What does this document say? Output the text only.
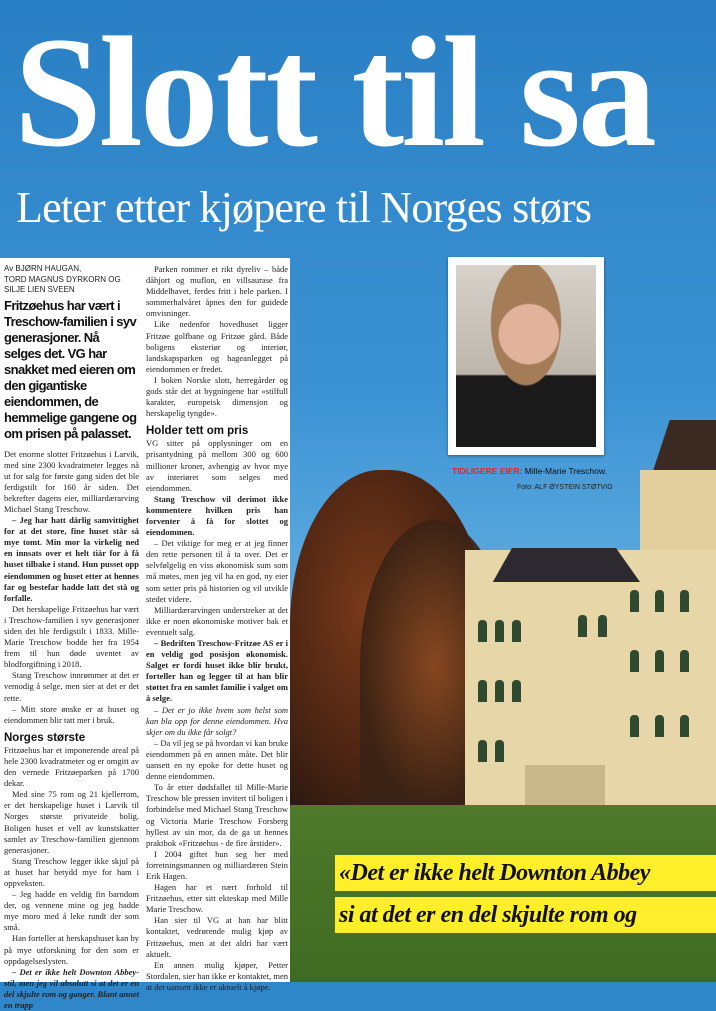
Slott til sa
Leter etter kjøpere til Norges størs
TIDLIGERE EIER: Mille-Marie Treschow.
Foto: ALF ØYSTEIN STØTVIG
«Det er ikke helt Downton Abbey
si at det er en del skjulte rom og
Av BJØRN HAUGAN,
TORD MAGNUS DYRKORN OG
SILJE LIEN SVEEN
Fritzøehus har vært i Treschow-familien i syv generasjoner. Nå selges det. VG har snakket med eieren om den gigantiske eiendommen, de hemmelige gangene og om prisen på palasset.

Det enorme slottet Fritzøehus i Larvik, med sine 2300 kvadratmeter legges nå ut for salg for første gang siden det ble ferdigstilt for 160 år siden. Det bekrefter dagens eier, milliardærarving Michael Stang Treschow.

– Jeg har hatt dårlig samvittighet for at det store, fine huset står så mye tomt. Min mor la virkelig ned en innsats over et helt tiår for å få huset tilbake i stand. Hun pusset opp eiendommen og huset etter at hennes far og bestefar hadde latt det stå og forfalle.

Det herskapelige Fritzøehus har vært i Treschow-familien i syv generasjoner siden det ble ferdigstilt i 1833. Mille-Marie Treschow bodde her fra 1954 frem til hun døde uventet av blodforgiftning i 2018.

Stang Treschow innrømmer at det er vemodig å selge, men sier at det er det rette.

– Mitt store ønske er at huset og eiendommen blir tatt mer i bruk.

Norges største

Fritzøehus har et imponerende areal på hele 2300 kvadratmeter og er omgitt av den vernede Fritzøeparken på 1700 dekar.

Med sine 75 rom og 21 kjellerrom, er det herskapelige huset i Larvik til Norges største privateide bolig. Boligen huset et vell av kunstskatter samlet av Treschow-familien gjennom generasjoner.

Stang Treschow legger ikke skjul på at huset har betydd mye for ham i oppveksten.

– Jeg hadde en veldig fin barndom der, og vennene mine og jeg hadde mye moro med å leke rundt der som små.

Han forteller at herskapshuset kan by på mye utforskning for den som er oppdagelseslysten.

– Det er ikke helt Downton Abbey-stil, men jeg vil absolutt si at det er en del skjulte rom og ganger. Blant annet en trapp

Parken rommer et rikt dyreliv – både dåhjort og muflon, en villsaurase fra Middelhavet, ferdes fritt i hele parken. I sommerhalvåret åpnes den for guidede omvisninger.

Like nedenfor hovedhuset ligger Fritzøe golfbane og Fritzøe gård. Både boligens eksteriør og interiør, landskapsparken og hageanlegget på eiendommen er fredet.

I boken Norske slott, herregårder og gods står det at bygningene har «stilfull karakter, europeisk dimensjon og herskapelig tyngde».

Holder tett om pris

VG sitter på opplysninger om en prisantydning på mellom 300 og 600 millioner kroner, avhengig av hvor mye av interiøret som selges med eiendommen.

Stang Treschow vil derimot ikke kommentere hvilken pris han forventer å få for slottet og eiendommen.

– Det viktige for meg er at jeg finner den rette personen til å ta over. Det er selvfølgelig en viss økonomisk sum som må møtes, men jeg vil ha en god, ny eier som setter pris på historien og vil utvikle stedet videre.

Milliardærarvingen understreker at det ikke er noen økonomiske motiver bak et eventuelt salg.

– Bedriften Treschow-Fritzøe AS er i en veldig god posisjon økonomisk. Salget er fordi huset ikke blir brukt, forteller han og legger til at han blir støttet fra en samlet familie i valget om å selge.

– Det er jo ikke hvem som helst som kan bla opp for denne eiendommen. Hva skjer om du ikke får solgt?

– Da vil jeg se på hvordan vi kan bruke eiendommen på en annen måte. Det blir uansett en ny epoke for dette huset og denne eiendommen.

To år etter dødsfallet til Mille-Marie Treschow ble pressen invitert til boligen i forbindelse med Michael Stang Treschow og Victoria Marie Treschow Forsberg hyllest av sin mor, da de ga ut hennes praktbok «Fritzøehus - de fire årstider».

I 2004 giftet hun seg her med forretningsmannen og milliardæren Stein Erik Hagen.

Hagen har et nært forhold til Fritzøehus, etter sitt ekteskap med Mille Marie Treschow.

Han sier til VG at han har blitt kontaktet, vedrørende mulig kjøp av Fritzøehus, men at det aldri har vært aktuelt.

En annen mulig kjøper, Petter Stordalen, sier han ikke er kontaktet, men at det uansett ikke er aktuelt å kjøpe.
